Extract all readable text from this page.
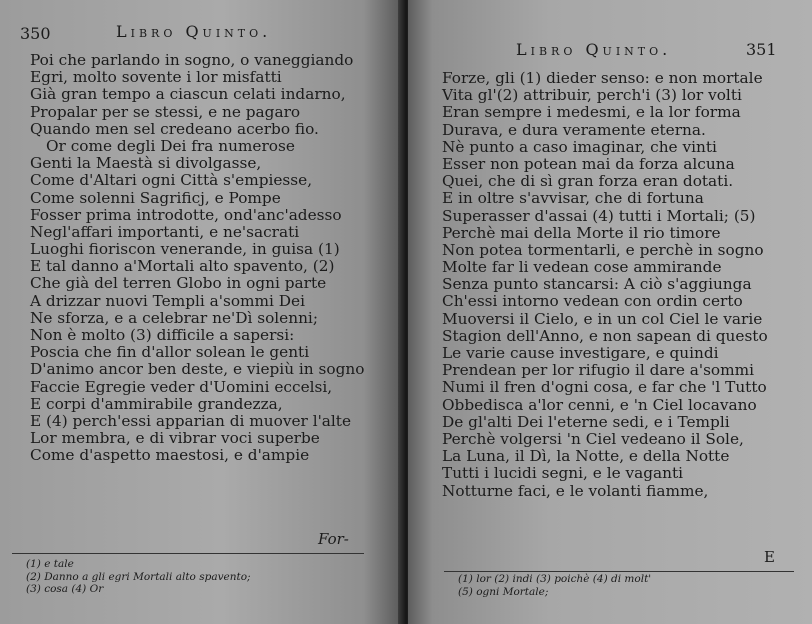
350	Libro Quinto.
Poi che parlando in sogno, o vaneggiando
Egri, molto sovente i lor misfatti
Già gran tempo a ciascun celati indarno,
Propalar per se stessi, e ne pagaro
Quando men sel credeano acerbo fio.
Or come degli Dei fra numerose
Genti la Maestà si divolgasse,
Come d'Altari ogni Città s'empiesse,
Come solenni Sagrificj, e Pompe
Fosser prima introdotte, ond'anc'adesso
Negl'affari importanti, e ne'sacrati
Luoghi fioriscon venerande, in guisa (1)
E tal danno a'Mortali alto spavento, (2)
Che già del terren Globo in ogni parte
A drizzar nuovi Templi a'sommi Dei
Ne sforza, e a celebrar ne'Dì solenni;
Non è molto (3) difficile a sapersi:
Poscia che fin d'allor solean le genti
D'animo ancor ben deste, e viepiù in sogno
Faccie Egregie veder d'Uomini eccelsi,
E corpi d'ammirabile grandezza,
E (4) perch'essi apparian di muover l'alte
Lor membra, e di vibrar voci superbe
Come d'aspetto maestosi, e d'ampie
For-
(1) e tale
(2) Danno a gli egri Mortali alto spavento;
(3) cosa (4) Or
Libro Quinto.	351
Forze, gli (1) dieder senso: e non mortale
Vita gl'(2) attribuir, perch'i (3) lor volti
Eran sempre i medesmi, e la lor forma
Durava, e dura veramente eterna.
Nè punto a caso imaginar, che vinti
Esser non potean mai da forza alcuna
Quei, che di sì gran forza eran dotati.
E in oltre s'avvisar, che di fortuna
Superasser d'assai (4) tutti i Mortali; (5)
Perchè mai della Morte il rio timore
Non potea tormentarli, e perchè in sogno
Molte far li vedean cose ammirande
Senza punto stancarsi: A ciò s'aggiunga
Ch'essi intorno vedean con ordin certo
Muoversi il Cielo, e in un col Ciel le varie
Stagion dell'Anno, e non sapean di questo
Le varie cause investigare, e quindi
Prendean per lor rifugio il dare a'sommi
Numi il fren d'ogni cosa, e far che 'l Tutto
Obbedisca a'lor cenni, e 'n Ciel locavano
De gl'alti Dei l'eterne sedi, e i Templi
Perchè volgersi 'n Ciel vedeano il Sole,
La Luna, il Dì, la Notte, e della Notte
Tutti i lucidi segni, e le vaganti
Notturne faci, e le volanti fiamme,
E
(1) lor (2) indi (3) poichè (4) di molt'
(5) ogni Mortale;
